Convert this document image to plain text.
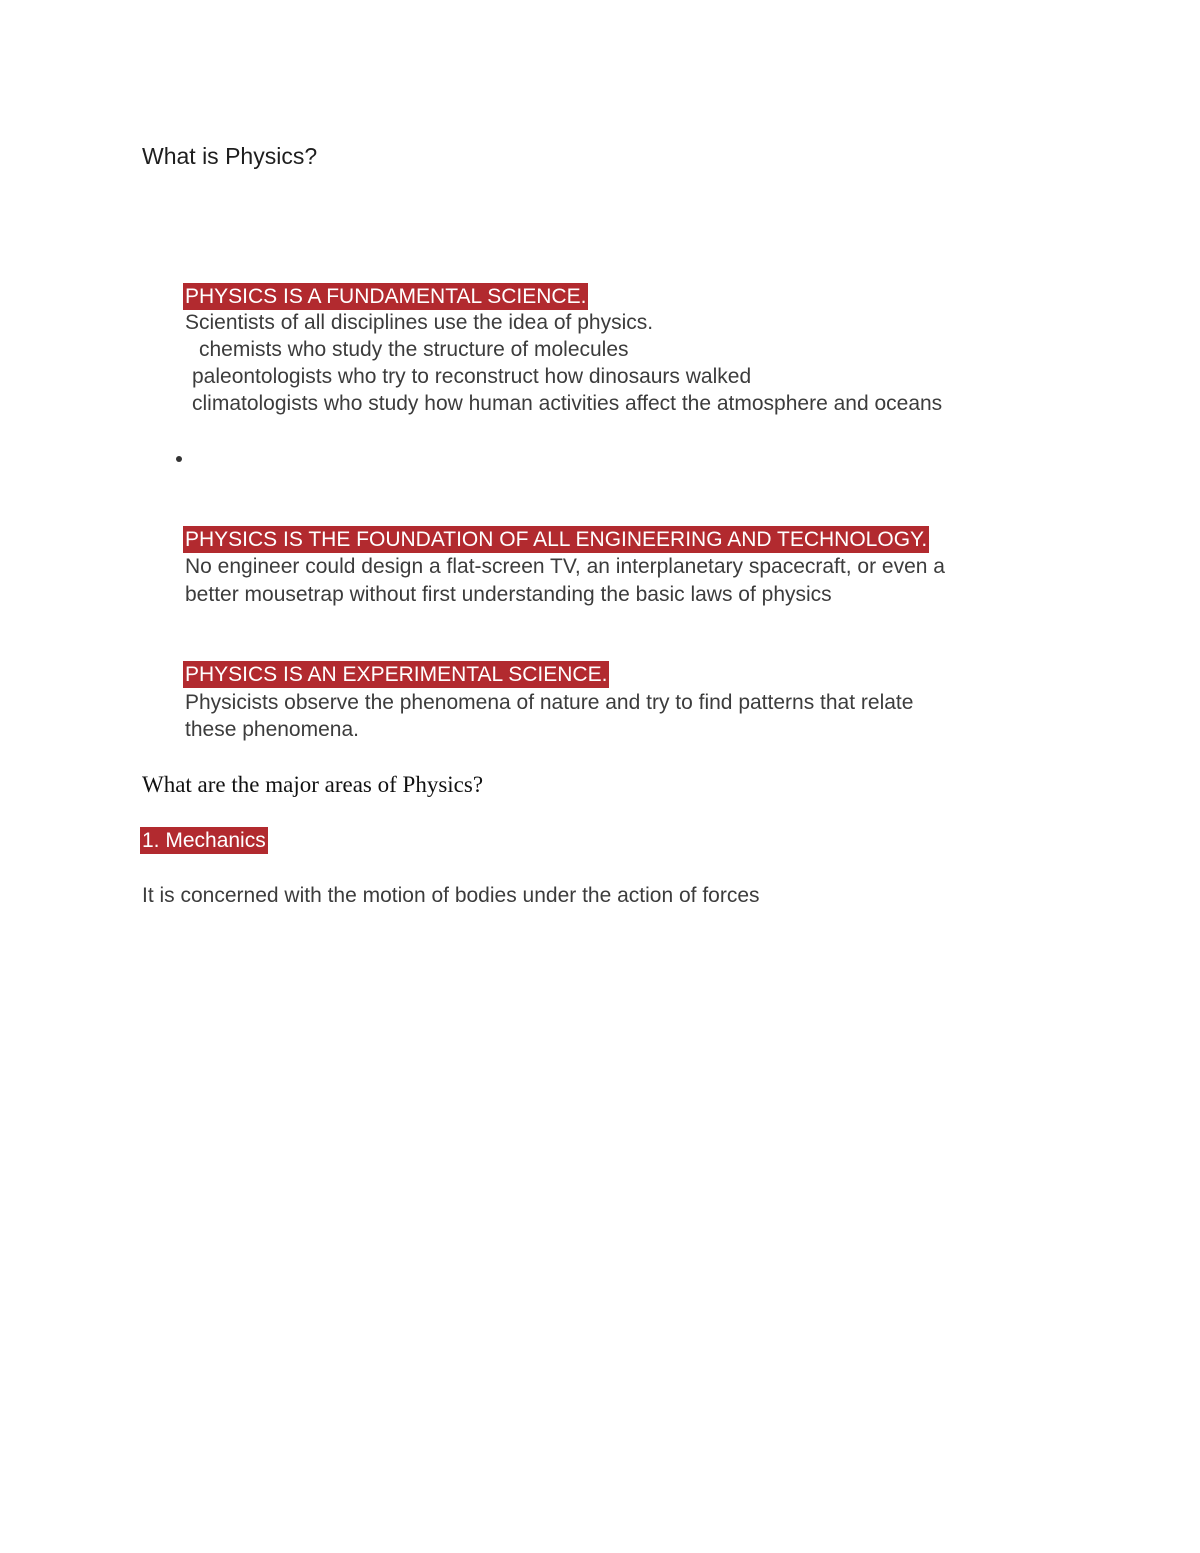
What is Physics?
PHYSICS IS A FUNDAMENTAL SCIENCE.
Scientists of all disciplines use the idea of physics.
chemists who study the structure of molecules
paleontologists who try to reconstruct how dinosaurs walked
climatologists who study how human activities affect the atmosphere and oceans
PHYSICS IS THE FOUNDATION OF ALL ENGINEERING AND TECHNOLOGY.
No engineer could design a flat-screen TV, an interplanetary spacecraft, or even a
better mousetrap without first understanding the basic laws of physics
PHYSICS IS AN EXPERIMENTAL SCIENCE.
Physicists observe the phenomena of nature and try to find patterns that relate
these phenomena.
What are the major areas of Physics?
1. Mechanics
It is concerned with the motion of bodies under the action of forces
